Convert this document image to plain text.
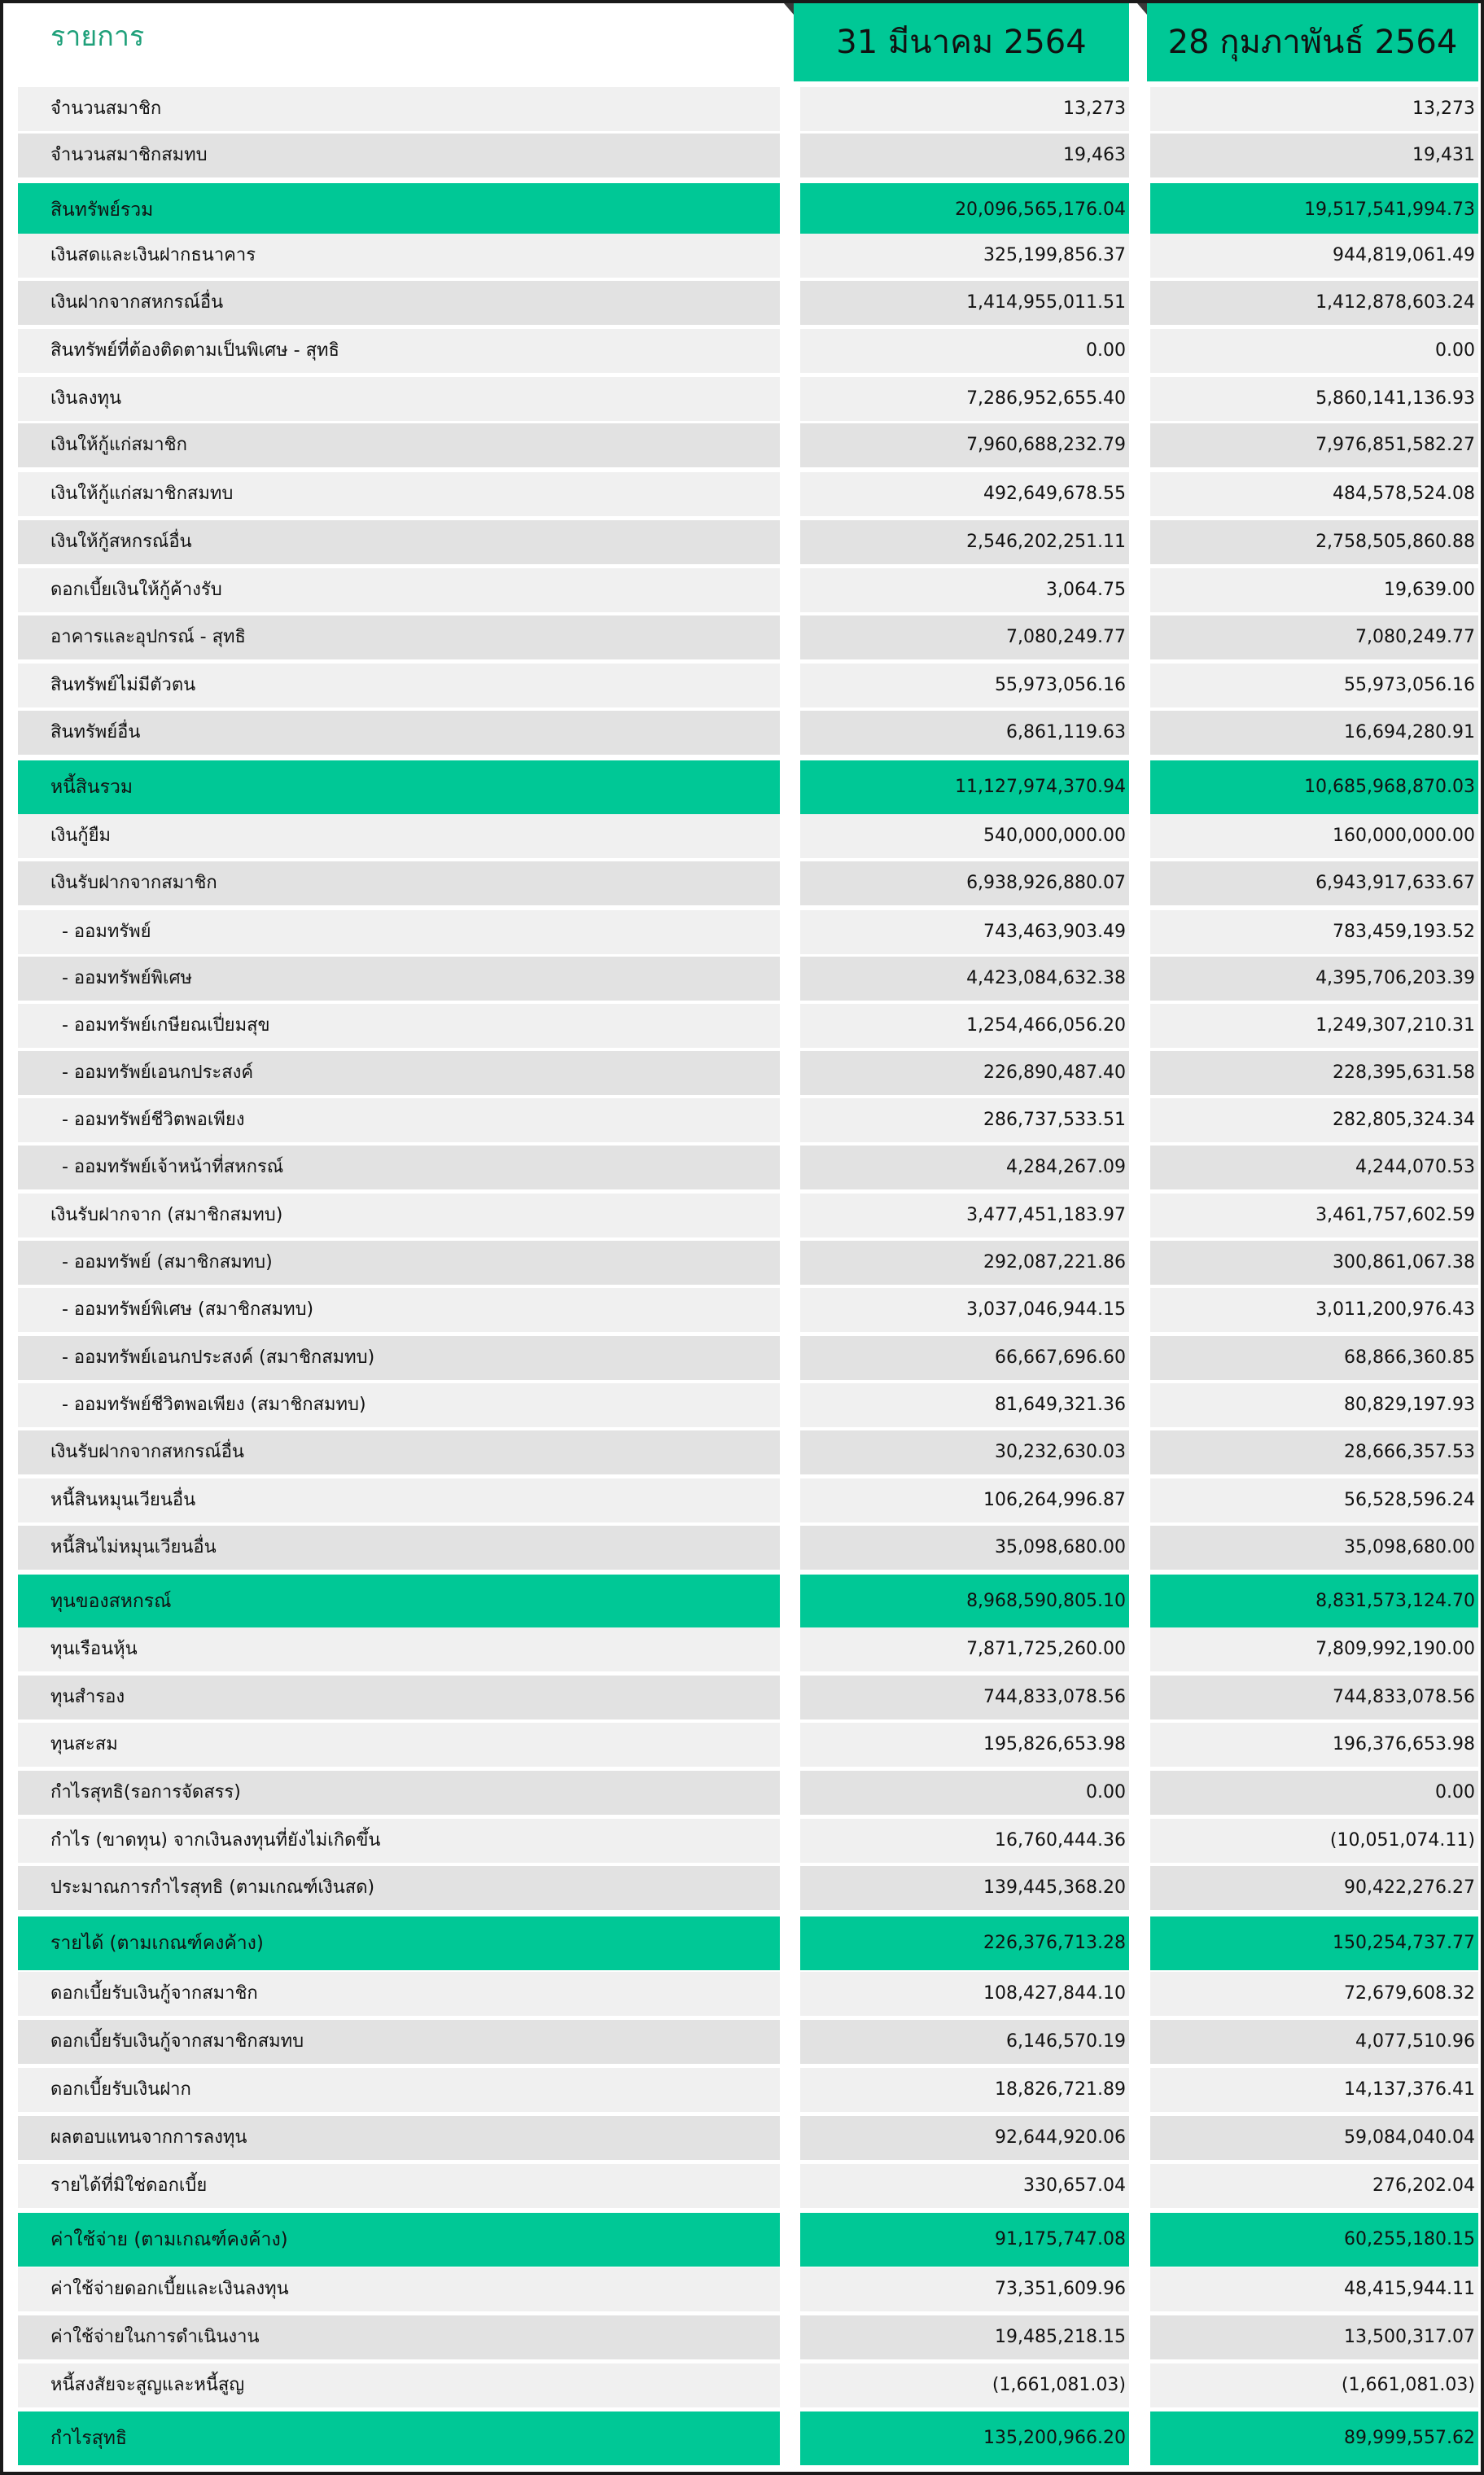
รายการ	31 มีนาคม 2564	28 กุมภาพันธ์ 2564
จำนวนสมาชิก	13,273	13,273
จำนวนสมาชิกสมทบ	19,463	19,431
สินทรัพย์รวม	20,096,565,176.04	19,517,541,994.73
เงินสดและเงินฝากธนาคาร	325,199,856.37	944,819,061.49
เงินฝากจากสหกรณ์อื่น	1,414,955,011.51	1,412,878,603.24
สินทรัพย์ที่ต้องติดตามเป็นพิเศษ - สุทธิ	0.00	0.00
เงินลงทุน	7,286,952,655.40	5,860,141,136.93
เงินให้กู้แก่สมาชิก	7,960,688,232.79	7,976,851,582.27
เงินให้กู้แก่สมาชิกสมทบ	492,649,678.55	484,578,524.08
เงินให้กู้สหกรณ์อื่น	2,546,202,251.11	2,758,505,860.88
ดอกเบี้ยเงินให้กู้ค้างรับ	3,064.75	19,639.00
อาคารและอุปกรณ์ - สุทธิ	7,080,249.77	7,080,249.77
สินทรัพย์ไม่มีตัวตน	55,973,056.16	55,973,056.16
สินทรัพย์อื่น	6,861,119.63	16,694,280.91
หนี้สินรวม	11,127,974,370.94	10,685,968,870.03
เงินกู้ยืม	540,000,000.00	160,000,000.00
เงินรับฝากจากสมาชิก	6,938,926,880.07	6,943,917,633.67
- ออมทรัพย์	743,463,903.49	783,459,193.52
- ออมทรัพย์พิเศษ	4,423,084,632.38	4,395,706,203.39
- ออมทรัพย์เกษียณเปี่ยมสุข	1,254,466,056.20	1,249,307,210.31
- ออมทรัพย์เอนกประสงค์	226,890,487.40	228,395,631.58
- ออมทรัพย์ชีวิตพอเพียง	286,737,533.51	282,805,324.34
- ออมทรัพย์เจ้าหน้าที่สหกรณ์	4,284,267.09	4,244,070.53
เงินรับฝากจาก (สมาชิกสมทบ)	3,477,451,183.97	3,461,757,602.59
- ออมทรัพย์ (สมาชิกสมทบ)	292,087,221.86	300,861,067.38
- ออมทรัพย์พิเศษ (สมาชิกสมทบ)	3,037,046,944.15	3,011,200,976.43
- ออมทรัพย์เอนกประสงค์ (สมาชิกสมทบ)	66,667,696.60	68,866,360.85
- ออมทรัพย์ชีวิตพอเพียง (สมาชิกสมทบ)	81,649,321.36	80,829,197.93
เงินรับฝากจากสหกรณ์อื่น	30,232,630.03	28,666,357.53
หนี้สินหมุนเวียนอื่น	106,264,996.87	56,528,596.24
หนี้สินไม่หมุนเวียนอื่น	35,098,680.00	35,098,680.00
ทุนของสหกรณ์	8,968,590,805.10	8,831,573,124.70
ทุนเรือนหุ้น	7,871,725,260.00	7,809,992,190.00
ทุนสำรอง	744,833,078.56	744,833,078.56
ทุนสะสม	195,826,653.98	196,376,653.98
กำไรสุทธิ(รอการจัดสรร)	0.00	0.00
กำไร (ขาดทุน) จากเงินลงทุนที่ยังไม่เกิดขึ้น	16,760,444.36	(10,051,074.11)
ประมาณการกำไรสุทธิ (ตามเกณฑ์เงินสด)	139,445,368.20	90,422,276.27
รายได้ (ตามเกณฑ์คงค้าง)	226,376,713.28	150,254,737.77
ดอกเบี้ยรับเงินกู้จากสมาชิก	108,427,844.10	72,679,608.32
ดอกเบี้ยรับเงินกู้จากสมาชิกสมทบ	6,146,570.19	4,077,510.96
ดอกเบี้ยรับเงินฝาก	18,826,721.89	14,137,376.41
ผลตอบแทนจากการลงทุน	92,644,920.06	59,084,040.04
รายได้ที่มิใช่ดอกเบี้ย	330,657.04	276,202.04
ค่าใช้จ่าย (ตามเกณฑ์คงค้าง)	91,175,747.08	60,255,180.15
ค่าใช้จ่ายดอกเบี้ยและเงินลงทุน	73,351,609.96	48,415,944.11
ค่าใช้จ่ายในการดำเนินงาน	19,485,218.15	13,500,317.07
หนี้สงสัยจะสูญและหนี้สูญ	(1,661,081.03)	(1,661,081.03)
กำไรสุทธิ	135,200,966.20	89,999,557.62
